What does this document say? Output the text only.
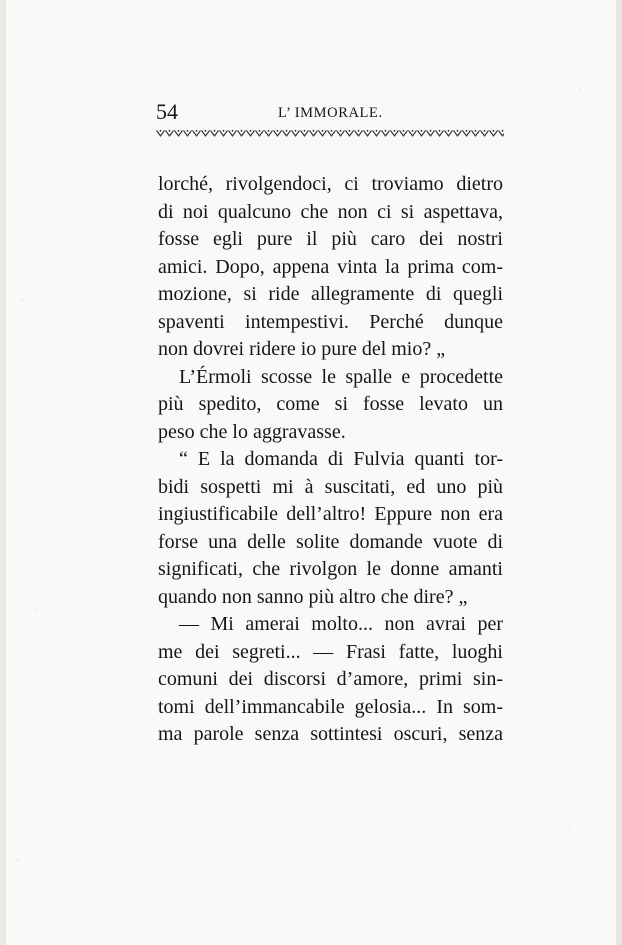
54	L’ IMMORALE.
lorché, rivolgendoci, ci troviamo dietro
di noi qualcuno che non ci si aspettava,
fosse egli pure il più caro dei nostri
amici. Dopo, appena vinta la prima com-
mozione, si ride allegramente di quegli
spaventi intempestivi. Perché dunque
non dovrei ridere io pure del mio? „
L’Érmoli scosse le spalle e procedette
più spedito, come si fosse levato un
peso che lo aggravasse.
“ E la domanda di Fulvia quanti tor-
bidi sospetti mi à suscitati, ed uno più
ingiustificabile dell’altro! Eppure non era
forse una delle solite domande vuote di
significati, che rivolgon le donne amanti
quando non sanno più altro che dire? „
— Mi amerai molto... non avrai per
me dei segreti... — Frasi fatte, luoghi
comuni dei discorsi d’amore, primi sin-
tomi dell’immancabile gelosia... In som-
ma parole senza sottintesi oscuri, senza
